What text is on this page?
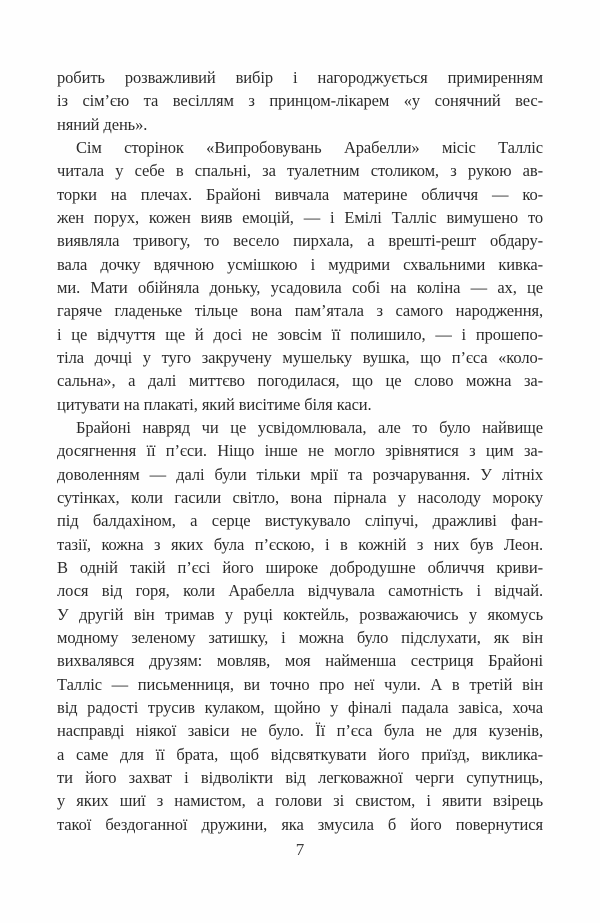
робить розважливий вибір і нагороджується примиренням
із сім’єю та весіллям з принцом-лікарем «у сонячний вес-
няний день».
Сім сторінок «Випробовувань Арабелли» місіс Талліс
читала у себе в спальні, за туалетним столиком, з рукою ав-
торки на плечах. Брайоні вивчала материне обличчя — ко-
жен порух, кожен вияв емоцій, — і Емілі Талліс вимушено то
виявляла тривогу, то весело пирхала, а врешті-решт обдару-
вала дочку вдячною усмішкою і мудрими схвальними кивка-
ми. Мати обійняла доньку, усадовила собі на коліна — ах, це
гаряче гладеньке тільце вона пам’ятала з самого народження,
і це відчуття ще й досі не зовсім її полишило, — і прошепо-
тіла дочці у туго закручену мушельку вушка, що п’єса «коло-
сальна», а далі миттєво погодилася, що це слово можна за-
цитувати на плакаті, який висітиме біля каси.
Брайоні навряд чи це усвідомлювала, але то було найвище
досягнення її п’єси. Ніщо інше не могло зрівнятися з цим за-
доволенням — далі були тільки мрії та розчарування. У літніх
сутінках, коли гасили світло, вона пірнала у насолоду мороку
під балдахіном, а серце вистукувало сліпучі, дражливі фан-
тазії, кожна з яких була п’єскою, і в кожній з них був Леон.
В одній такій п’єсі його широке добродушне обличчя криви-
лося від горя, коли Арабелла відчувала самотність і відчай.
У другій він тримав у руці коктейль, розважаючись у якомусь
модному зеленому затишку, і можна було підслухати, як він
вихвалявся друзям: мовляв, моя найменша сестриця Брайоні
Талліс — письменниця, ви точно про неї чули. А в третій він
від радості трусив кулаком, щойно у фіналі падала завіса, хоча
насправді ніякої завіси не було. Її п’єса була не для кузенів,
а саме для її брата, щоб відсвяткувати його приїзд, виклика-
ти його захват і відволікти від легковажної черги супутниць,
у яких шиї з намистом, а голови зі свистом, і явити взірець
такої бездоганної дружини, яка змусила б його повернутися
7
